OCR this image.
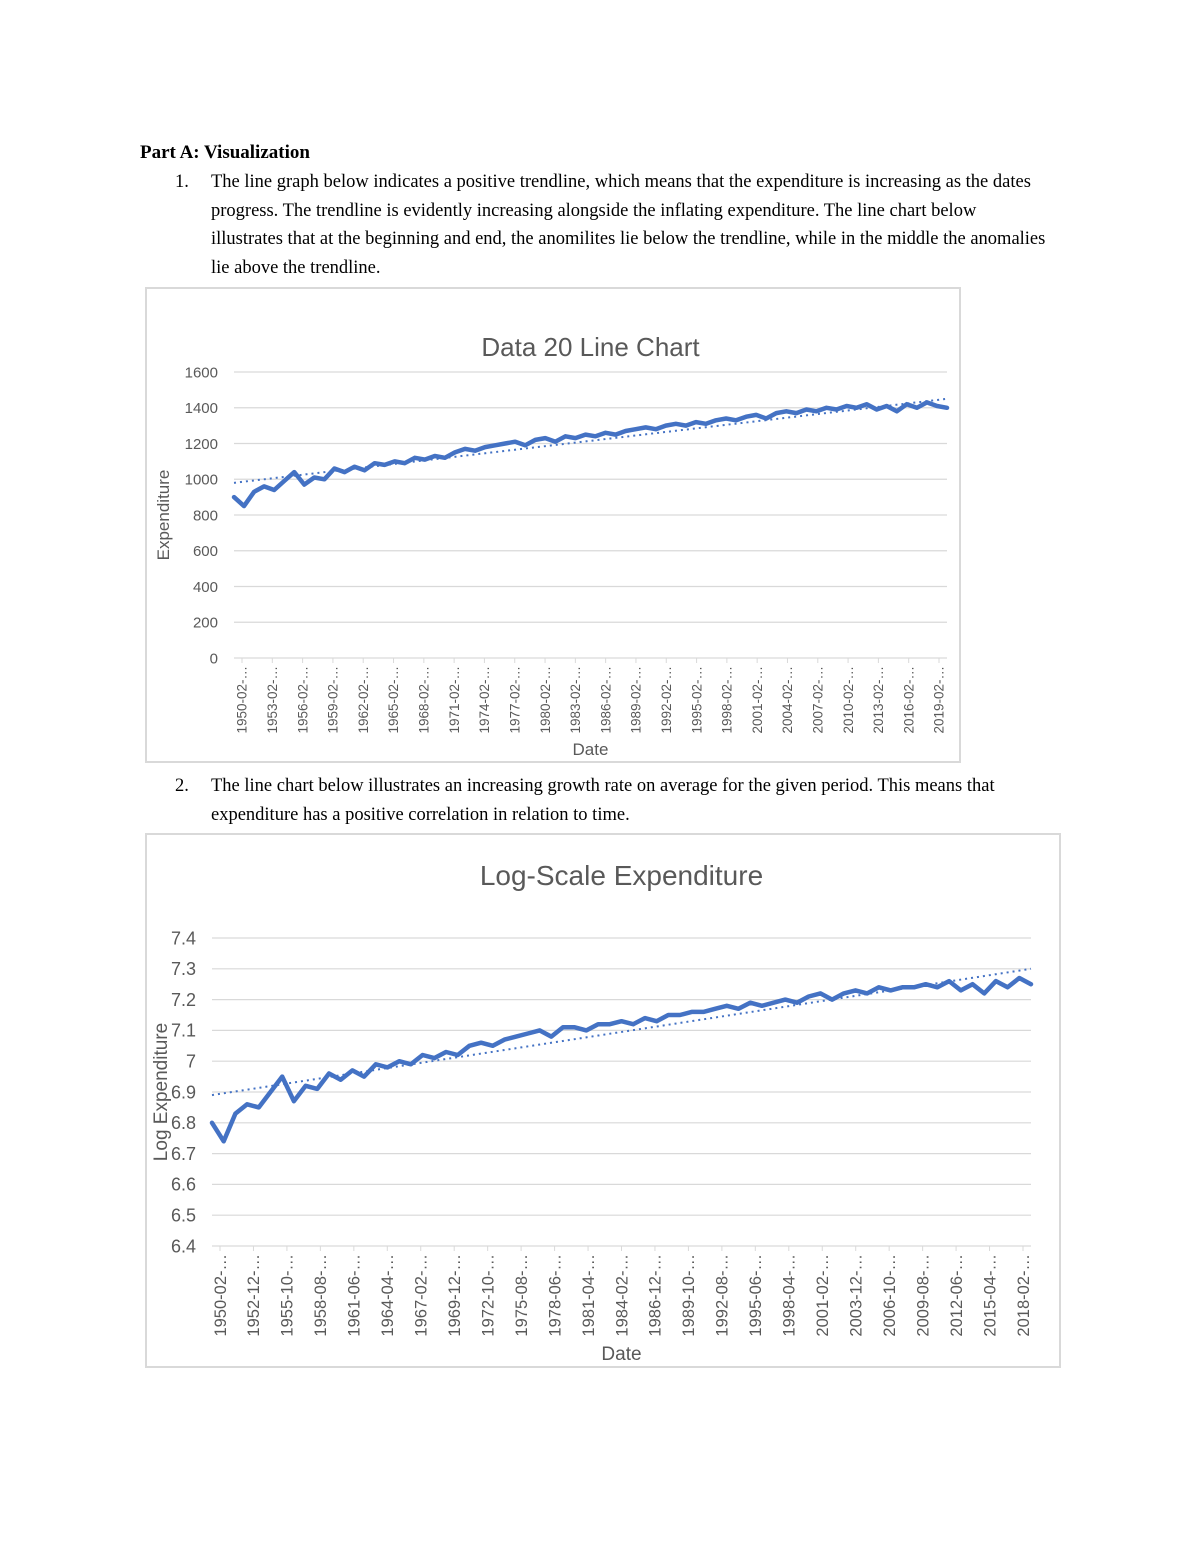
Part A: Visualization
1. The line graph below indicates a positive trendline, which means that the expenditure is increasing as the dates progress. The trendline is evidently increasing alongside the inflating expenditure. The line chart below illustrates that at the beginning and end, the anomilites lie below the trendline, while in the middle the anomalies lie above the trendline.
Data 20 Line Chart
0
200
400
600
800
1000
1200
1400
1600
1950-02-… 1953-02-… 1956-02-… 1959-02-… 1962-02-… 1965-02-… 1968-02-… 1971-02-… 1974-02-… 1977-02-… 1980-02-… 1983-02-… 1986-02-… 1989-02-… 1992-02-… 1995-02-… 1998-02-… 2001-02-… 2004-02-… 2007-02-… 2010-02-… 2013-02-… 2016-02-… 2019-02-…
Date
Expenditure
2. The line chart below illustrates an increasing growth rate on average for the given period. This means that expenditure has a positive correlation in relation to time.
Log-Scale Expenditure
6.4
6.5
6.6
6.7
6.8
6.9
7
7.1
7.2
7.3
7.4
1950-02-… 1952-12-… 1955-10-… 1958-08-… 1961-06-… 1964-04-… 1967-02-… 1969-12-… 1972-10-… 1975-08-… 1978-06-… 1981-04-… 1984-02-… 1986-12-… 1989-10-… 1992-08-… 1995-06-… 1998-04-… 2001-02-… 2003-12-… 2006-10-… 2009-08-… 2012-06-… 2015-04-… 2018-02-…
Date
Log Expenditure
